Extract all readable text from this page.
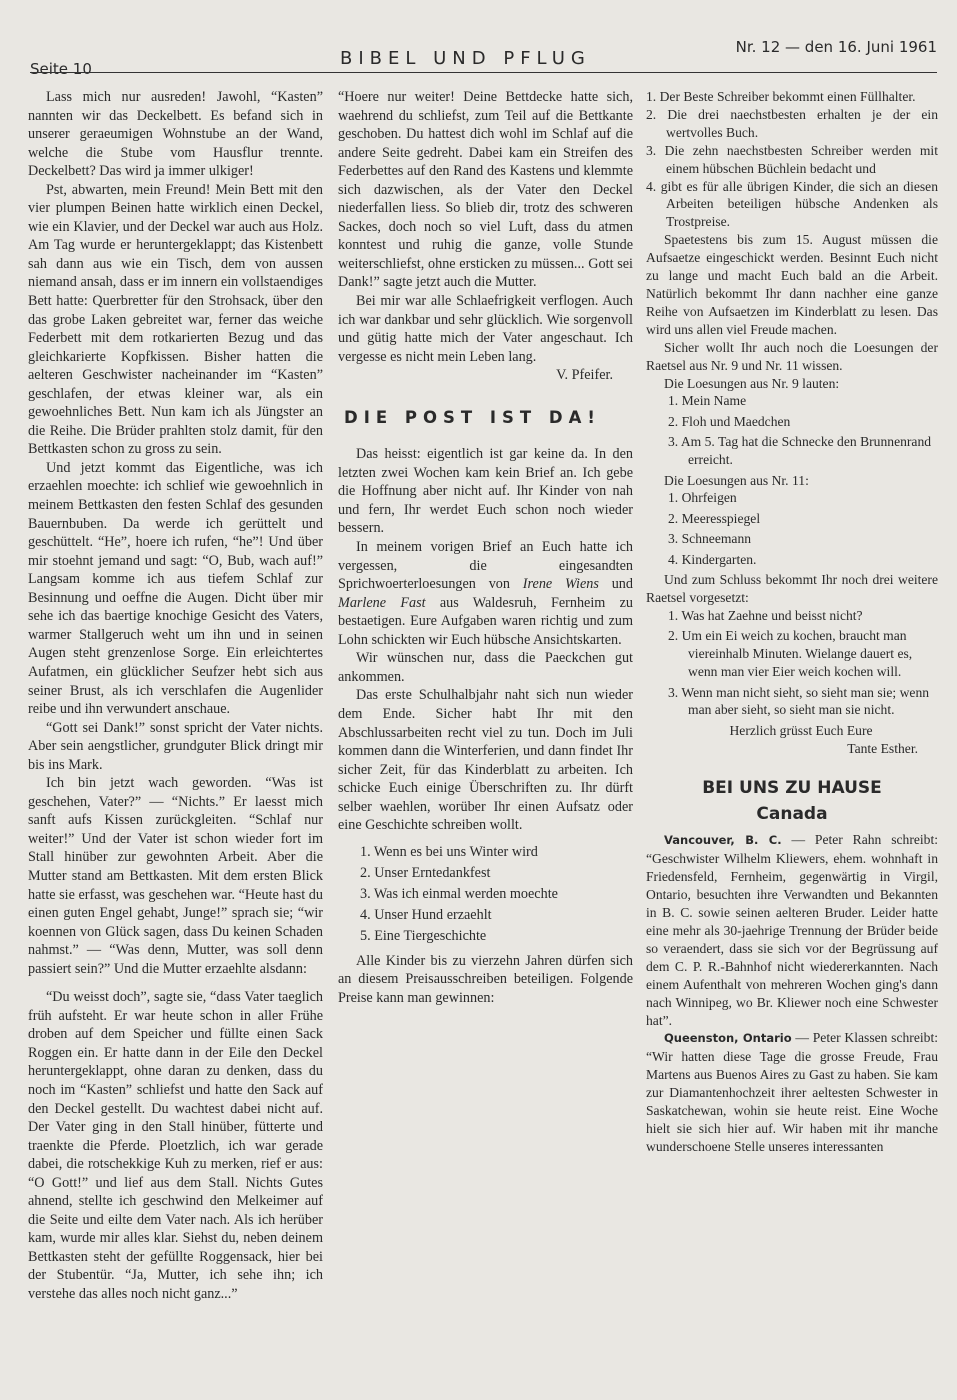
Seite 10	BIBEL UND PFLUG
Nr. 12 — den 16. Juni 1961

Lass mich nur ausreden! Jawohl, “Kasten” nannten wir das Deckelbett. Es befand sich in unserer geraeumigen Wohnstube an der Wand, welche die Stube vom Hausflur trennte. Deckelbett? Das wird ja immer ulkiger!

Pst, abwarten, mein Freund! Mein Bett mit den vier plumpen Beinen hatte wirklich einen Deckel, wie ein Klavier, und der Deckel war auch aus Holz. Am Tag wurde er heruntergeklappt; das Kistenbett sah dann aus wie ein Tisch, dem von aussen niemand ansah, dass er im innern ein vollstaendiges Bett hatte: Querbretter für den Strohsack, über den das grobe Laken gebreitet war, ferner das weiche Federbett mit dem rotkarierten Bezug und das gleichkarierte Kopfkissen. Bisher hatten die aelteren Geschwister nacheinander im “Kasten” geschlafen, der etwas kleiner war, als ein gewoehnliches Bett. Nun kam ich als Jüngster an die Reihe. Die Brüder prahlten stolz damit, für den Bettkasten schon zu gross zu sein.

Und jetzt kommt das Eigentliche, was ich erzaehlen moechte: ich schlief wie gewoehnlich in meinem Bettkasten den festen Schlaf des gesunden Bauernbuben. Da werde ich gerüttelt und geschüttelt. “He”, hoere ich rufen, “he”! Und über mir stoehnt jemand und sagt: “O, Bub, wach auf!” Langsam komme ich aus tiefem Schlaf zur Besinnung und oeffne die Augen. Dicht über mir sehe ich das baertige knochige Gesicht des Vaters, warmer Stallgeruch weht um ihn und in seinen Augen steht grenzenlose Sorge. Ein erleichtertes Aufatmen, ein glücklicher Seufzer hebt sich aus seiner Brust, als ich verschlafen die Augenlider reibe und ihn verwundert anschaue.

“Gott sei Dank!” sonst spricht der Vater nichts. Aber sein aengstlicher, grundguter Blick dringt mir bis ins Mark.

Ich bin jetzt wach geworden. “Was ist geschehen, Vater?” — “Nichts.” Er laesst mich sanft aufs Kissen zurückgleiten. “Schlaf nur weiter!” Und der Vater ist schon wieder fort im Stall hinüber zur gewohnten Arbeit. Aber die Mutter stand am Bettkasten. Mit dem ersten Blick hatte sie erfasst, was geschehen war. “Heute hast du einen guten Engel gehabt, Junge!” sprach sie; “wir koennen von Glück sagen, dass Du keinen Schaden nahmst.” — “Was denn, Mutter, was soll denn passiert sein?” Und die Mutter erzaehlte alsdann:

“Du weisst doch”, sagte sie, “dass Vater taeglich früh aufsteht. Er war heute schon in aller Frühe droben auf dem Speicher und füllte einen Sack Roggen ein. Er hatte dann in der Eile den Deckel heruntergeklappt, ohne daran zu denken, dass du noch im “Kasten” schliefst und hatte den Sack auf den Deckel gestellt. Du wachtest dabei nicht auf. Der Vater ging in den Stall hinüber, fütterte und traenkte die Pferde. Ploetzlich, ich war gerade dabei, die rotschekkige Kuh zu merken, rief er aus: “O Gott!” und lief aus dem Stall. Nichts Gutes ahnend, stellte ich geschwind den Melkeimer auf die Seite und eilte dem Vater nach. Als ich herüber kam, wurde mir alles klar. Siehst du, neben deinem Bettkasten steht der gefüllte Roggensack, hier bei der Stubentür. “Ja, Mutter, ich sehe ihn; ich verstehe das alles noch nicht ganz...”

“Hoere nur weiter! Deine Bettdecke hatte sich, waehrend du schliefst, zum Teil auf die Bettkante geschoben. Du hattest dich wohl im Schlaf auf die andere Seite gedreht. Dabei kam ein Streifen des Federbettes auf den Rand des Kastens und klemmte sich dazwischen, als der Vater den Deckel niederfallen liess. So blieb dir, trotz des schweren Sackes, doch noch so viel Luft, dass du atmen konntest und ruhig die ganze, volle Stunde weiterschliefst, ohne ersticken zu müssen... Gott sei Dank!” sagte jetzt auch die Mutter.

Bei mir war alle Schlaefrigkeit verflogen. Auch ich war dankbar und sehr glücklich. Wie sorgenvoll und gütig hatte mich der Vater angeschaut. Ich vergesse es nicht mein Leben lang.

V. Pfeifer.

DIE POST IST DA!

Das heisst: eigentlich ist gar keine da. In den letzten zwei Wochen kam kein Brief an. Ich gebe die Hoffnung aber nicht auf. Ihr Kinder von nah und fern, Ihr werdet Euch schon noch wieder bessern.

In meinem vorigen Brief an Euch hatte ich vergessen, die eingesandten Sprichwoerterloesungen von Irene Wiens und Marlene Fast aus Waldesruh, Fernheim zu bestaetigen. Eure Aufgaben waren richtig und zum Lohn schickten wir Euch hübsche Ansichtskarten.

Wir wünschen nur, dass die Paeckchen gut ankommen.

Das erste Schulhalbjahr naht sich nun wieder dem Ende. Sicher habt Ihr mit den Abschlussarbeiten recht viel zu tun. Doch im Juli kommen dann die Winterferien, und dann findet Ihr sicher Zeit, für das Kinderblatt zu arbeiten. Ich schicke Euch einige Überschriften zu. Ihr dürft selber waehlen, worüber Ihr einen Aufsatz oder eine Geschichte schreiben wollt.

1. Wenn es bei uns Winter wird
2. Unser Erntedankfest
3. Was ich einmal werden moechte
4. Unser Hund erzaehlt
5. Eine Tiergeschichte

Alle Kinder bis zu vierzehn Jahren dürfen sich an diesem Preisausschreiben beteiligen. Folgende Preise kann man gewinnen:

1. Der Beste Schreiber bekommt einen Füllhalter.

2. Die drei naechstbesten erhalten je der ein wertvolles Buch.

3. Die zehn naechstbesten Schreiber werden mit einem hübschen Büchlein bedacht und

4. gibt es für alle übrigen Kinder, die sich an diesen Arbeiten beteiligen hübsche Andenken als Trostpreise.

Spaetestens bis zum 15. August müssen die Aufsaetze eingeschickt werden. Besinnt Euch nicht zu lange und macht Euch bald an die Arbeit. Natürlich bekommt Ihr dann nachher eine ganze Reihe von Aufsaetzen im Kinderblatt zu lesen. Das wird uns allen viel Freude machen.

Sicher wollt Ihr auch noch die Loesungen der Raetsel aus Nr. 9 und Nr. 11 wissen.

Die Loesungen aus Nr. 9 lauten:

1. Mein Name
2. Floh und Maedchen
3. Am 5. Tag hat die Schnecke den Brunnenrand erreicht.

Die Loesungen aus Nr. 11:

1. Ohrfeigen
2. Meeresspiegel
3. Schneemann
4. Kindergarten.

Und zum Schluss bekommt Ihr noch drei weitere Raetsel vorgesetzt:

1. Was hat Zaehne und beisst nicht?
2. Um ein Ei weich zu kochen, braucht man viereinhalb Minuten. Wielange dauert es, wenn man vier Eier weich kochen will.
3. Wenn man nicht sieht, so sieht man sie; wenn man aber sieht, so sieht man sie nicht.

Herzlich grüsst Euch Eure

Tante Esther.

BEI UNS ZU HAUSE
Canada

Vancouver, B. C. — Peter Rahn schreibt: “Geschwister Wilhelm Kliewers, ehem. wohnhaft in Friedensfeld, Fernheim, gegenwärtig in Virgil, Ontario, besuchten ihre Verwandten und Bekannten in B. C. sowie seinen aelteren Bruder. Leider hatte eine mehr als 30-jaehrige Trennung der Brüder beide so veraendert, dass sie sich vor der Begrüssung auf dem C. P. R.-Bahnhof nicht wiedererkannten. Nach einem Aufenthalt von mehreren Wochen ging's dann nach Winnipeg, wo Br. Kliewer noch eine Schwester hat”.

Queenston, Ontario — Peter Klassen schreibt: “Wir hatten diese Tage die grosse Freude, Frau Martens aus Buenos Aires zu Gast zu haben. Sie kam zur Diamantenhochzeit ihrer aeltesten Schwester in Saskatchewan, wohin sie heute reist. Eine Woche hielt sie sich hier auf. Wir haben mit ihr manche wunderschoene Stelle unseres interessanten
